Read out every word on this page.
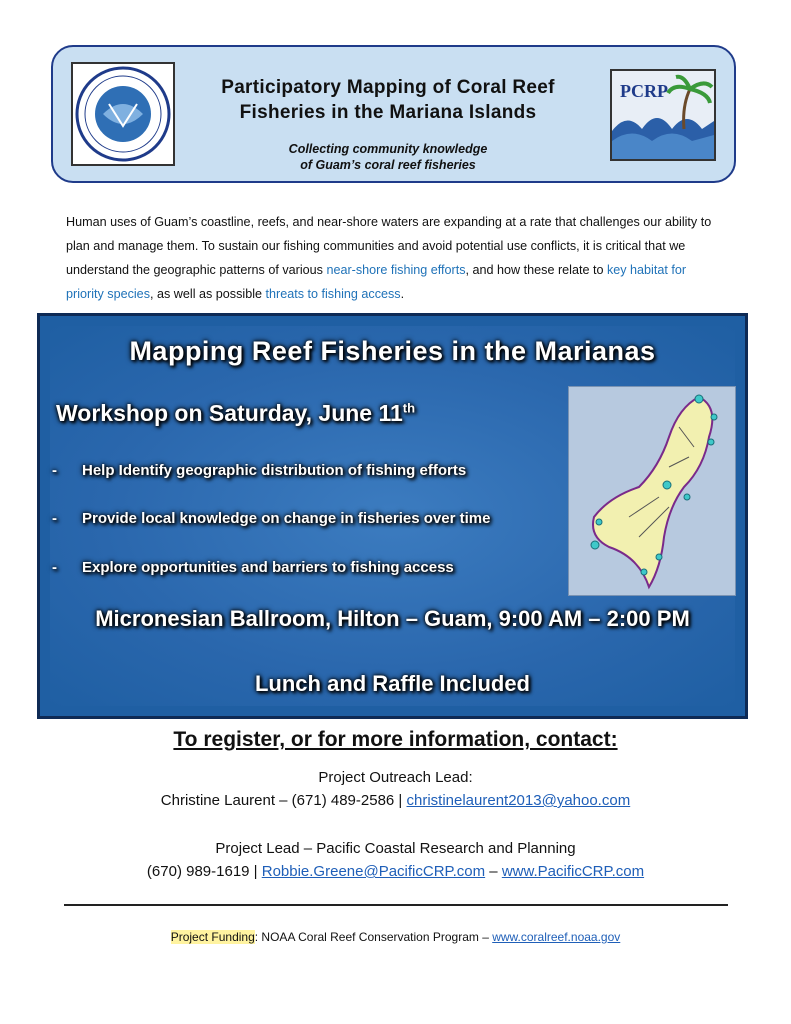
Participatory Mapping of Coral Reef
Fisheries in the Mariana Islands
Collecting community knowledge
of Guam’s coral reef fisheries
PCRP
Human uses of Guam’s coastline, reefs, and near-shore waters are expanding at a rate that challenges our ability to plan and manage them. To sustain our fishing communities and avoid potential use conflicts, it is critical that we understand the geographic patterns of various near-shore fishing efforts, and how these relate to key habitat for priority species, as well as possible threats to fishing access.
Mapping Reef Fisheries in the Marianas
Workshop on Saturday, June 11th
- Help Identify geographic distribution of fishing efforts
- Provide local knowledge on change in fisheries over time
- Explore opportunities and barriers to fishing access
Micronesian Ballroom, Hilton – Guam, 9:00 AM – 2:00 PM
Lunch and Raffle Included
To register, or for more information, contact:
Project Outreach Lead:
Christine Laurent – (671) 489-2586 | christinelaurent2013@yahoo.com
Project Lead – Pacific Coastal Research and Planning
(670) 989-1619 | Robbie.Greene@PacificCRP.com – www.PacificCRP.com
Project Funding: NOAA Coral Reef Conservation Program – www.coralreef.noaa.gov
